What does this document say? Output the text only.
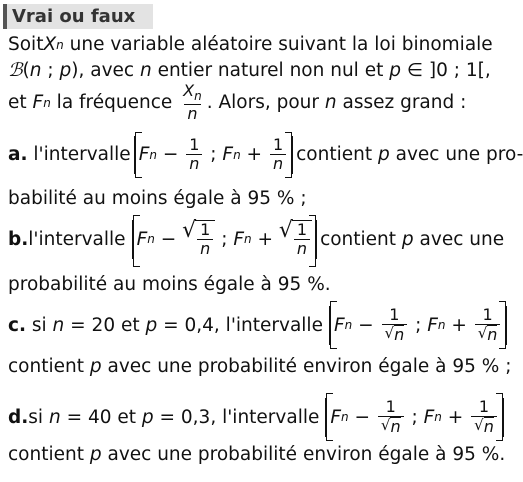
Vrai ou faux
Soit X n une variable aléatoire suivant la loi binomiale
ℬ ( n ; p ), avec n entier naturel non nul et p ∈ ]0 ; 1[,
et F n la fréquence $\frac{X_n}{n}$ . Alors, pour n assez grand :
a. l'intervalle F $n - \frac{1}{n}$ ; F $n + \frac{1}{n}$ contient p avec une pro-
babilité au moins égale à 95 % ;
b. l'intervalle F n − √ $\frac{1}{n}$ ; F n + √ $\frac{1}{n}$ contient p avec une
probabilité au moins égale à 95 %.
c. si n = 20 et p = 0,4, l'intervalle F $n - \frac{1}{√ n}$ ; F $n + \frac{1}{√ n}$
contient p avec une probabilité environ égale à 95 % ;
d. si n = 40 et p = 0,3, l'intervalle F $n - \frac{1}{√ n}$ ; F $n + \frac{1}{√ n}$
contient p avec une probabilité environ égale à 95 %.
